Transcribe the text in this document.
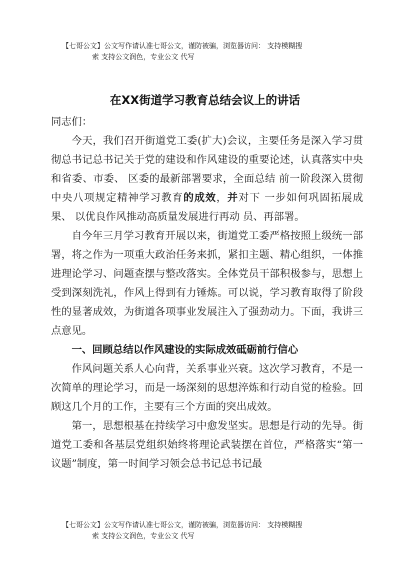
【七哥公文】公文写作请认准七哥公文，谨防被骗，浏览器访问： 支持模糊搜
索 支持公文润色，专业公文 代写
在XX街道学习教育总结会议上的讲话

同志们：

今天，我们召开街道党工委(扩大)会议，主要任务是深入学习贯彻总书记总书记关于党的建设和作风建设的重要论述，认真落实中央和省委、市委、 区委的最新部署要求，全面总结 前一阶段深入贯彻中央八项规定精神学习教育的成效，并对下 一步如何巩固拓展成果、 以优良作风推动高质量发展进行再动 员、再部署。

自今年三月学习教育开展以来，街道党工委严格按照上级统一部署，将之作为一项重大政治任务来抓，紧扣主题、精心组织，一体推进理论学习、问题查摆与整改落实。全体党员干部积极参与，思想上受到深刻洗礼，作风上得到有力锤炼。可以说，学习教育取得了阶段性的显著成效，为街道各项事业发展注入了强劲动力。下面，我讲三点意见。

一、回顾总结以作风建设的实际成效砥砺前行信心

作风问题关系人心向背，关系事业兴衰。这次学习教育，不是一次简单的理论学习，而是一场深刻的思想淬炼和行动自觉的检验。回顾这几个月的工作，主要有三个方面的突出成效。

第一，思想根基在持续学习中愈发坚实。思想是行动的先导。街道党工委和各基层党组织始终将理论武装摆在首位，严格落实“第一议题”制度，第一时间学习领会总书记总书记最

【七哥公文】公文写作请认准七哥公文，谨防被骗，浏览器访问： 支持模糊搜
索 支持公文润色，专业公文 代写
